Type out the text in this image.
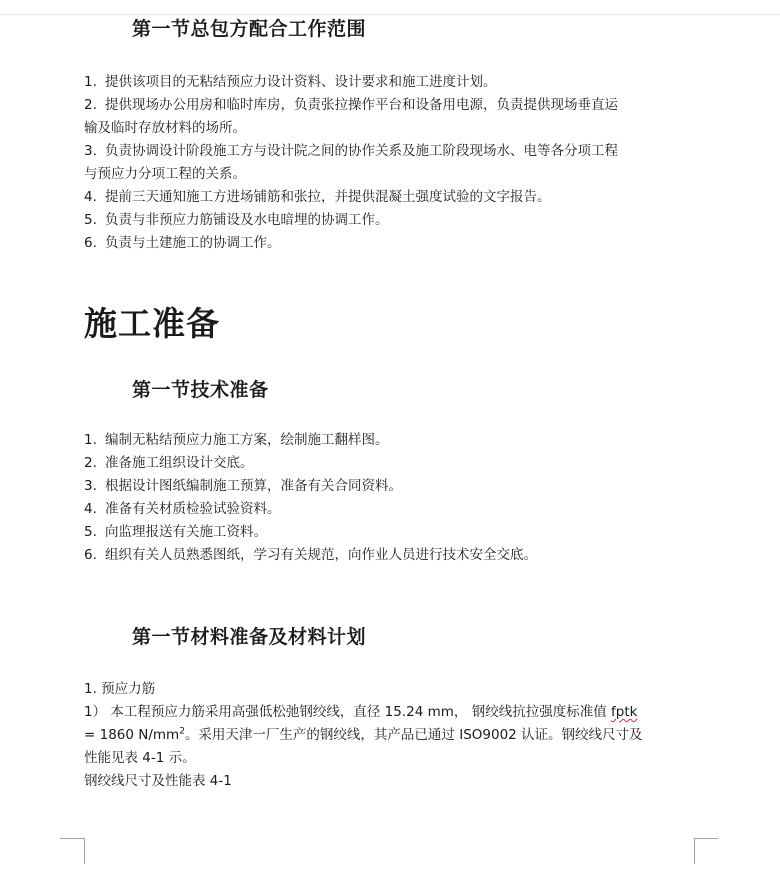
第一节总包方配合工作范围
1. 提供该项目的无粘结预应力设计资料、设计要求和施工进度计划。
2. 提供现场办公用房和临时库房，负责张拉操作平台和设备用电源，负责提供现场垂直运
输及临时存放材料的场所。
3. 负责协调设计阶段施工方与设计院之间的协作关系及施工阶段现场水、电等各分项工程
与预应力分项工程的关系。
4. 提前三天通知施工方进场铺筋和张拉，并提供混凝土强度试验的文字报告。
5. 负责与非预应力筋铺设及水电暗埋的协调工作。
6. 负责与土建施工的协调工作。
施工准备
第一节技术准备
1. 编制无粘结预应力施工方案，绘制施工翻样图。
2. 准备施工组织设计交底。
3. 根据设计图纸编制施工预算，准备有关合同资料。
4. 准备有关材质检验试验资料。
5. 向监理报送有关施工资料。
6. 组织有关人员熟悉图纸，学习有关规范，向作业人员进行技术安全交底。
第一节材料准备及材料计划
1. 预应力筋
1） 本工程预应力筋采用高强低松弛钢绞线，直径 15.24 mm， 钢绞线抗拉强度标准值 fptk
= 1860 $N/mm^2$。采用天津一厂生产的钢绞线，其产品已通过 ISO9002 认证。钢绞线尺寸及
性能见表 4-1 示。
钢绞线尺寸及性能表 4-1
